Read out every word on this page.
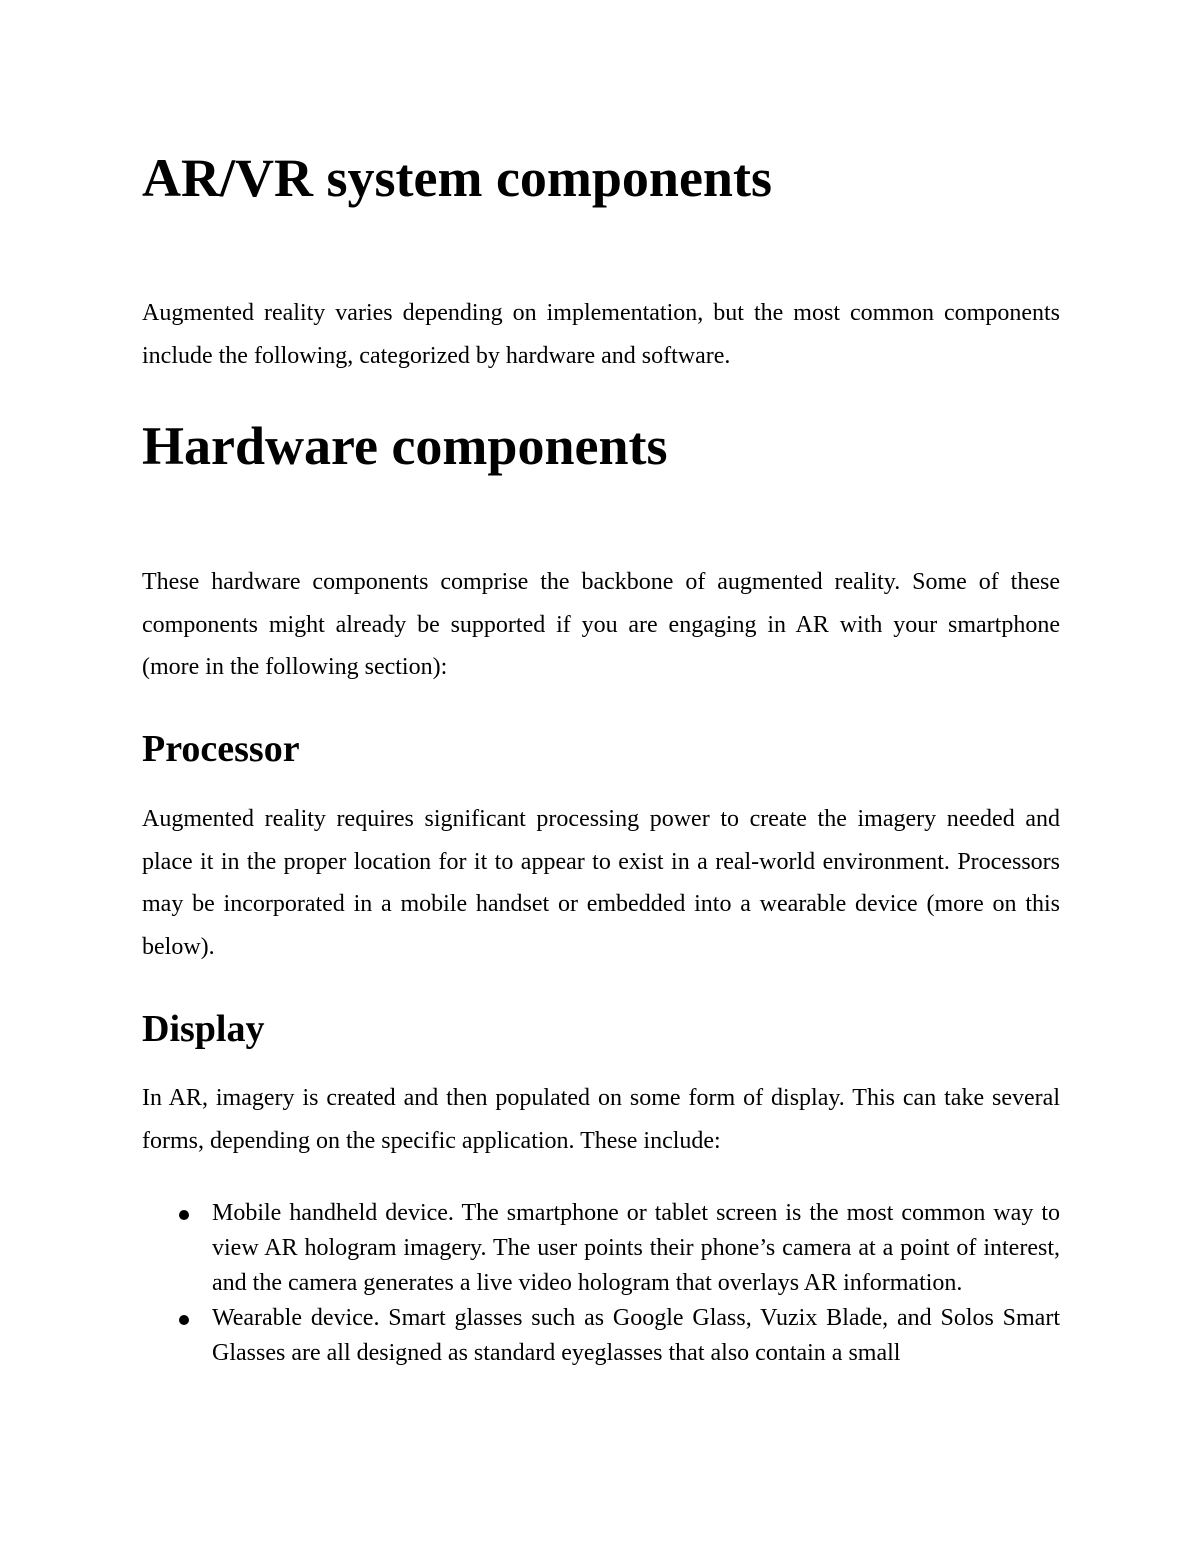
AR/VR system components

Augmented reality varies depending on implementation, but the most common components include the following, categorized by hardware and software.

Hardware components

These hardware components comprise the backbone of augmented reality. Some of these components might already be supported if you are engaging in AR with your smartphone (more in the following section):

Processor

Augmented reality requires significant processing power to create the imagery needed and place it in the proper location for it to appear to exist in a real-world environment. Processors may be incorporated in a mobile handset or embedded into a wearable device (more on this below).

Display

In AR, imagery is created and then populated on some form of display. This can take several forms, depending on the specific application. These include:

Mobile handheld device. The smartphone or tablet screen is the most common way to view AR hologram imagery. The user points their phone’s camera at a point of interest, and the camera generates a live video hologram that overlays AR information.
Wearable device. Smart glasses such as Google Glass, Vuzix Blade, and Solos Smart Glasses are all designed as standard eyeglasses that also contain a small
